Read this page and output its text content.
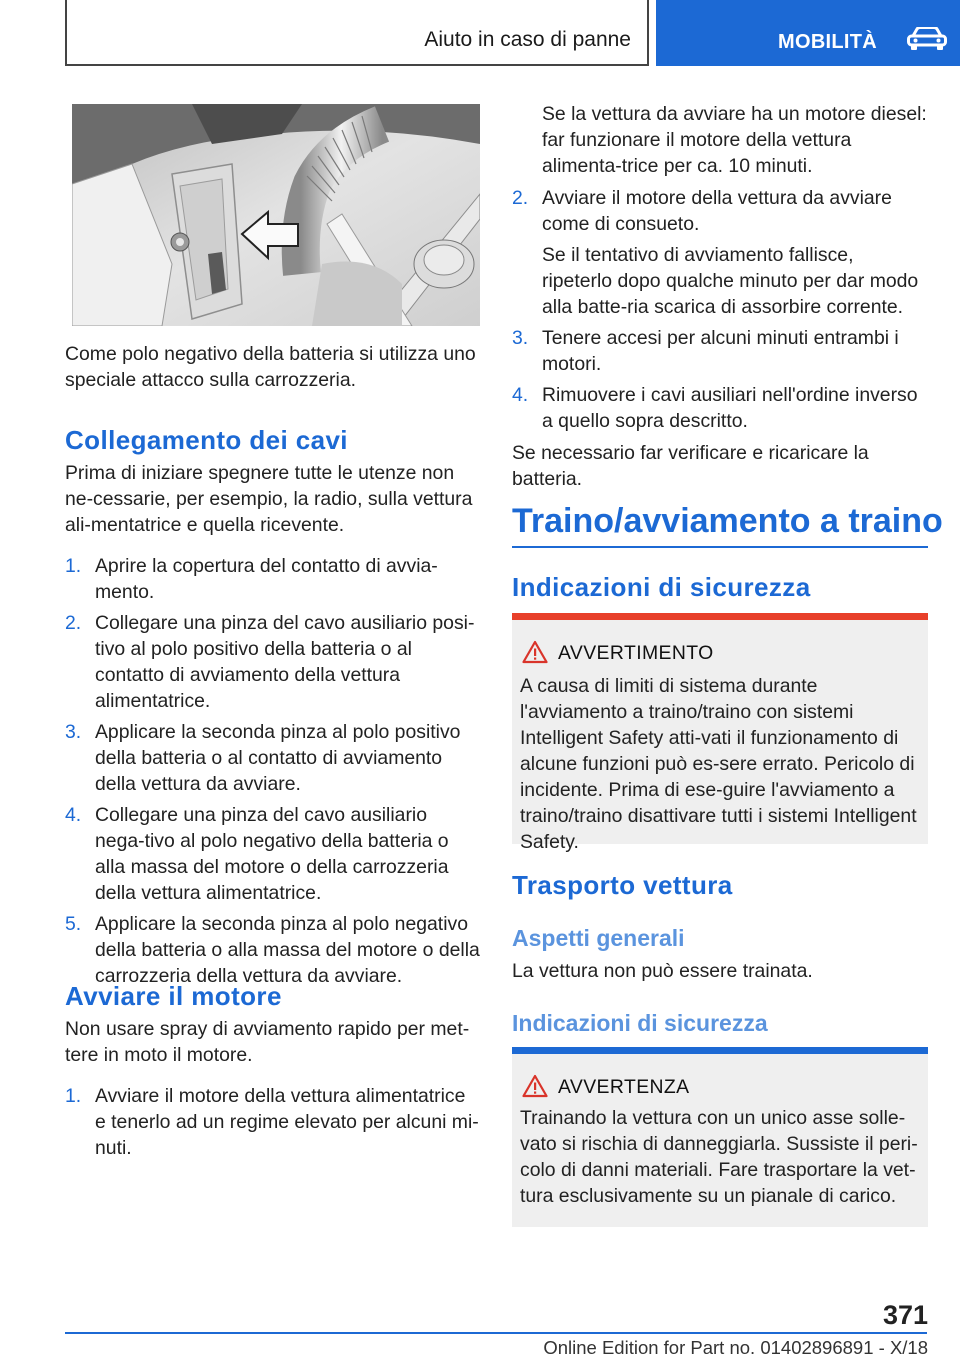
Aiuto in caso di panne	MOBILITÀ

Come polo negativo della batteria si utilizza uno speciale attacco sulla carrozzeria.

Collegamento dei cavi

Prima di iniziare spegnere tutte le utenze non ne-cessarie, per esempio, la radio, sulla vettura ali-mentatrice e quella ricevente.

1. Aprire la copertura del contatto di avvia-mento.
2. Collegare una pinza del cavo ausiliario posi-tivo al polo positivo della batteria o al contatto di avviamento della vettura alimentatrice.
3. Applicare la seconda pinza al polo positivo della batteria o al contatto di avviamento della vettura da avviare.
4. Collegare una pinza del cavo ausiliario nega-tivo al polo negativo della batteria o alla massa del motore o della carrozzeria della vettura alimentatrice.
5. Applicare la seconda pinza al polo negativo della batteria o alla massa del motore o della carrozzeria della vettura da avviare.
Avviare il motore

Non usare spray di avviamento rapido per met-tere in moto il motore.

1. Avviare il motore della vettura alimentatrice e tenerlo ad un regime elevato per alcuni mi-nuti.

Se la vettura da avviare ha un motore diesel: far funzionare il motore della vettura alimenta-trice per ca. 10 minuti.

2. Avviare il motore della vettura da avviare come di consueto.
Se il tentativo di avviamento fallisce, ripeterlo dopo qualche minuto per dar modo alla batte-ria scarica di assorbire corrente.
3. Tenere accesi per alcuni minuti entrambi i motori.
4. Rimuovere i cavi ausiliari nell'ordine inverso a quello sopra descritto.

Se necessario far verificare e ricaricare la batteria.

Traino/avviamento a traino
Indicazioni di sicurezza
AVVERTIMENTO

A causa di limiti di sistema durante l'avviamento a traino/traino con sistemi Intelligent Safety atti-vati il funzionamento di alcune funzioni può es-sere errato. Pericolo di incidente. Prima di ese-guire l'avviamento a traino/traino disattivare tutti i sistemi Intelligent Safety.

Trasporto vettura
Aspetti generali

La vettura non può essere trainata.

Indicazioni di sicurezza
AVVERTENZA

Trainando la vettura con un unico asse solle-vato si rischia di danneggiarla. Sussiste il peri-colo di danni materiali. Fare trasportare la vet-tura esclusivamente su un pianale di carico.

371
Online Edition for Part no. 01402896891 - X/18
